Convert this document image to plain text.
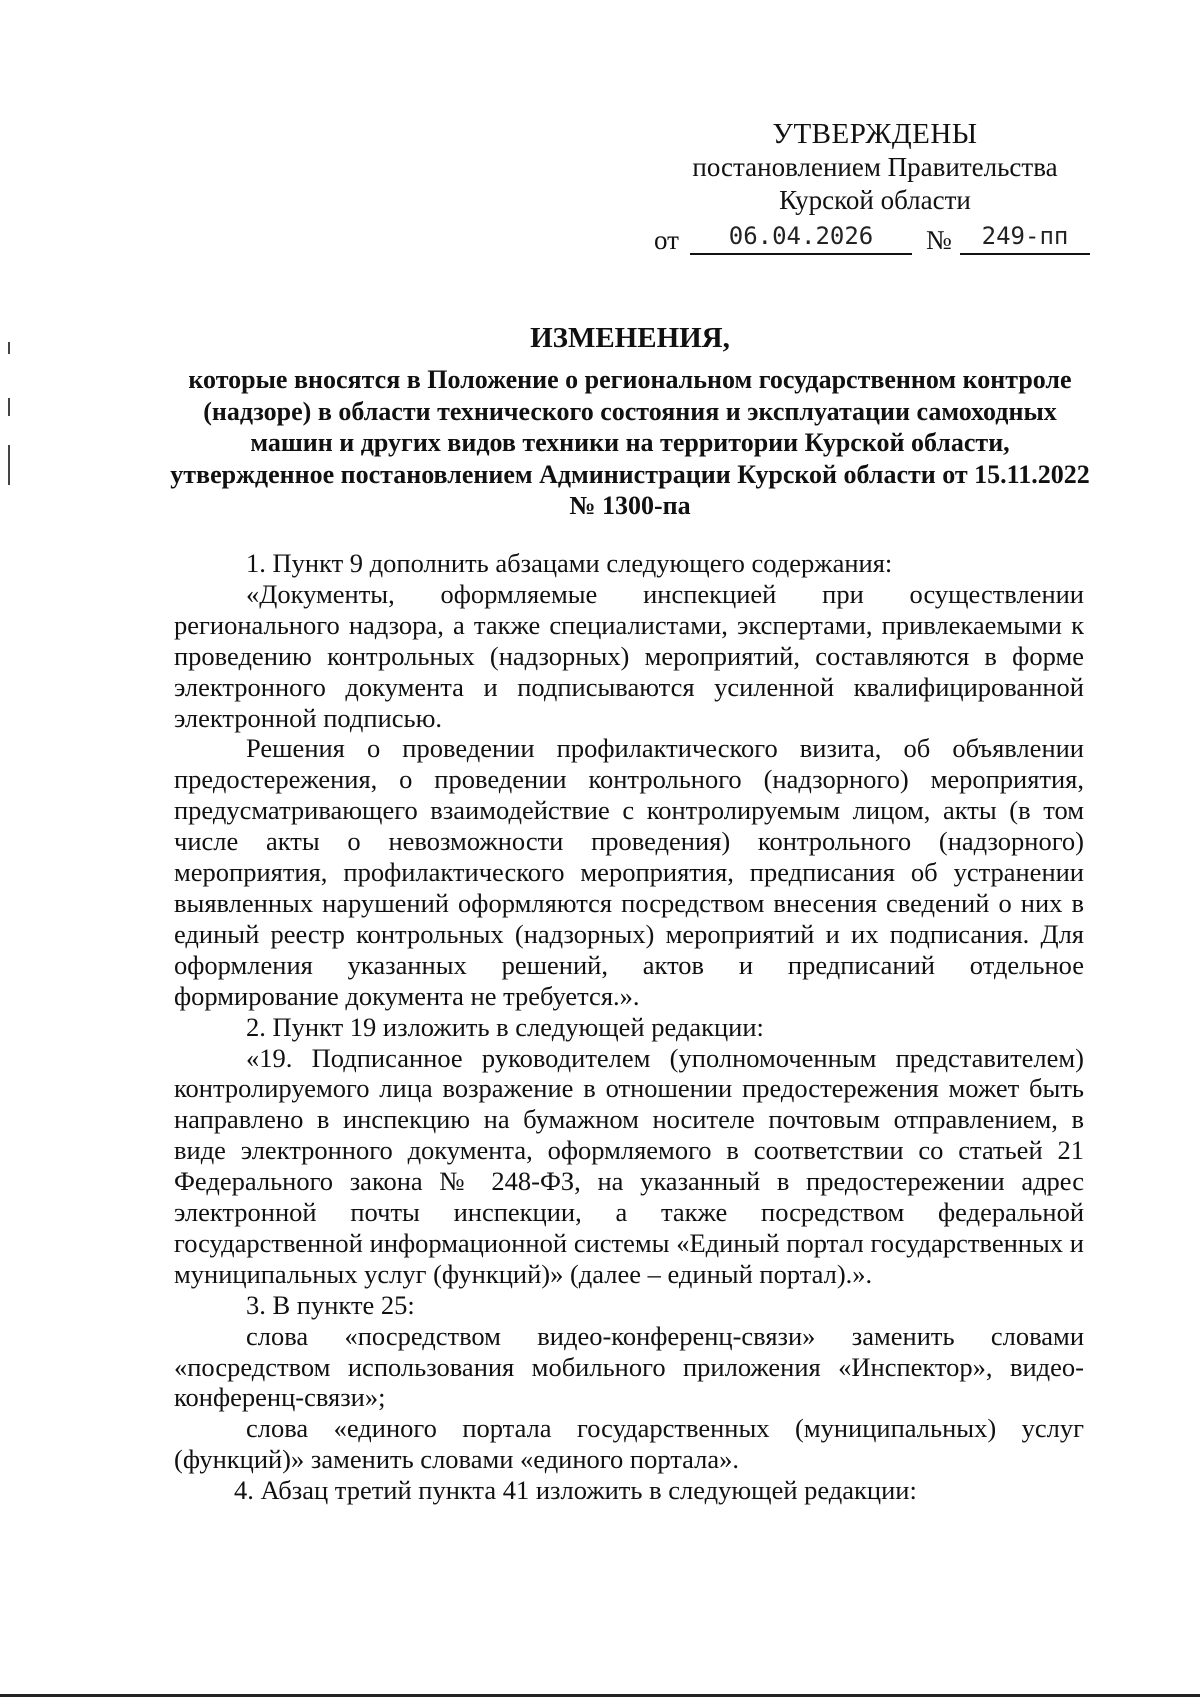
УТВЕРЖДЕНЫ
постановлением Правительства
Курской области
от	06.04.2026	№	249-пп
ИЗМЕНЕНИЯ,
которые вносятся в Положение о региональном государственном контроле (надзоре) в области технического состояния и эксплуатации самоходных машин и других видов техники на территории Курской области, утвержденное постановлением Администрации Курской области от 15.11.2022 № 1300-па

1. Пункт 9 дополнить абзацами следующего содержания:

«Документы, оформляемые инспекцией при осуществлении регионального надзора, а также специалистами, экспертами, привлекаемыми к проведению контрольных (надзорных) мероприятий, составляются в форме электронного документа и подписываются усиленной квалифицированной электронной подписью.

Решения о проведении профилактического визита, об объявлении предостережения, о проведении контрольного (надзорного) мероприятия, предусматривающего взаимодействие с контролируемым лицом, акты (в том числе акты о невозможности проведения) контрольного (надзорного) мероприятия, профилактического мероприятия, предписания об устранении выявленных нарушений оформляются посредством внесения сведений о них в единый реестр контрольных (надзорных) мероприятий и их подписания. Для оформления указанных решений, актов и предписаний отдельное формирование документа не требуется.».

2. Пункт 19 изложить в следующей редакции:

«19. Подписанное руководителем (уполномоченным представителем) контролируемого лица возражение в отношении предостережения может быть направлено в инспекцию на бумажном носителе почтовым отправлением, в виде электронного документа, оформляемого в соответствии со статьей 21 Федерального закона № 248-ФЗ, на указанный в предостережении адрес электронной почты инспекции, а также посредством федеральной государственной информационной системы «Единый портал государственных и муниципальных услуг (функций)» (далее – единый портал).».

3. В пункте 25:

слова «посредством видео-конференц-связи» заменить словами «посредством использования мобильного приложения «Инспектор», видео-конференц-связи»;

слова «единого портала государственных (муниципальных) услуг (функций)» заменить словами «единого портала».

4. Абзац третий пункта 41 изложить в следующей редакции:
